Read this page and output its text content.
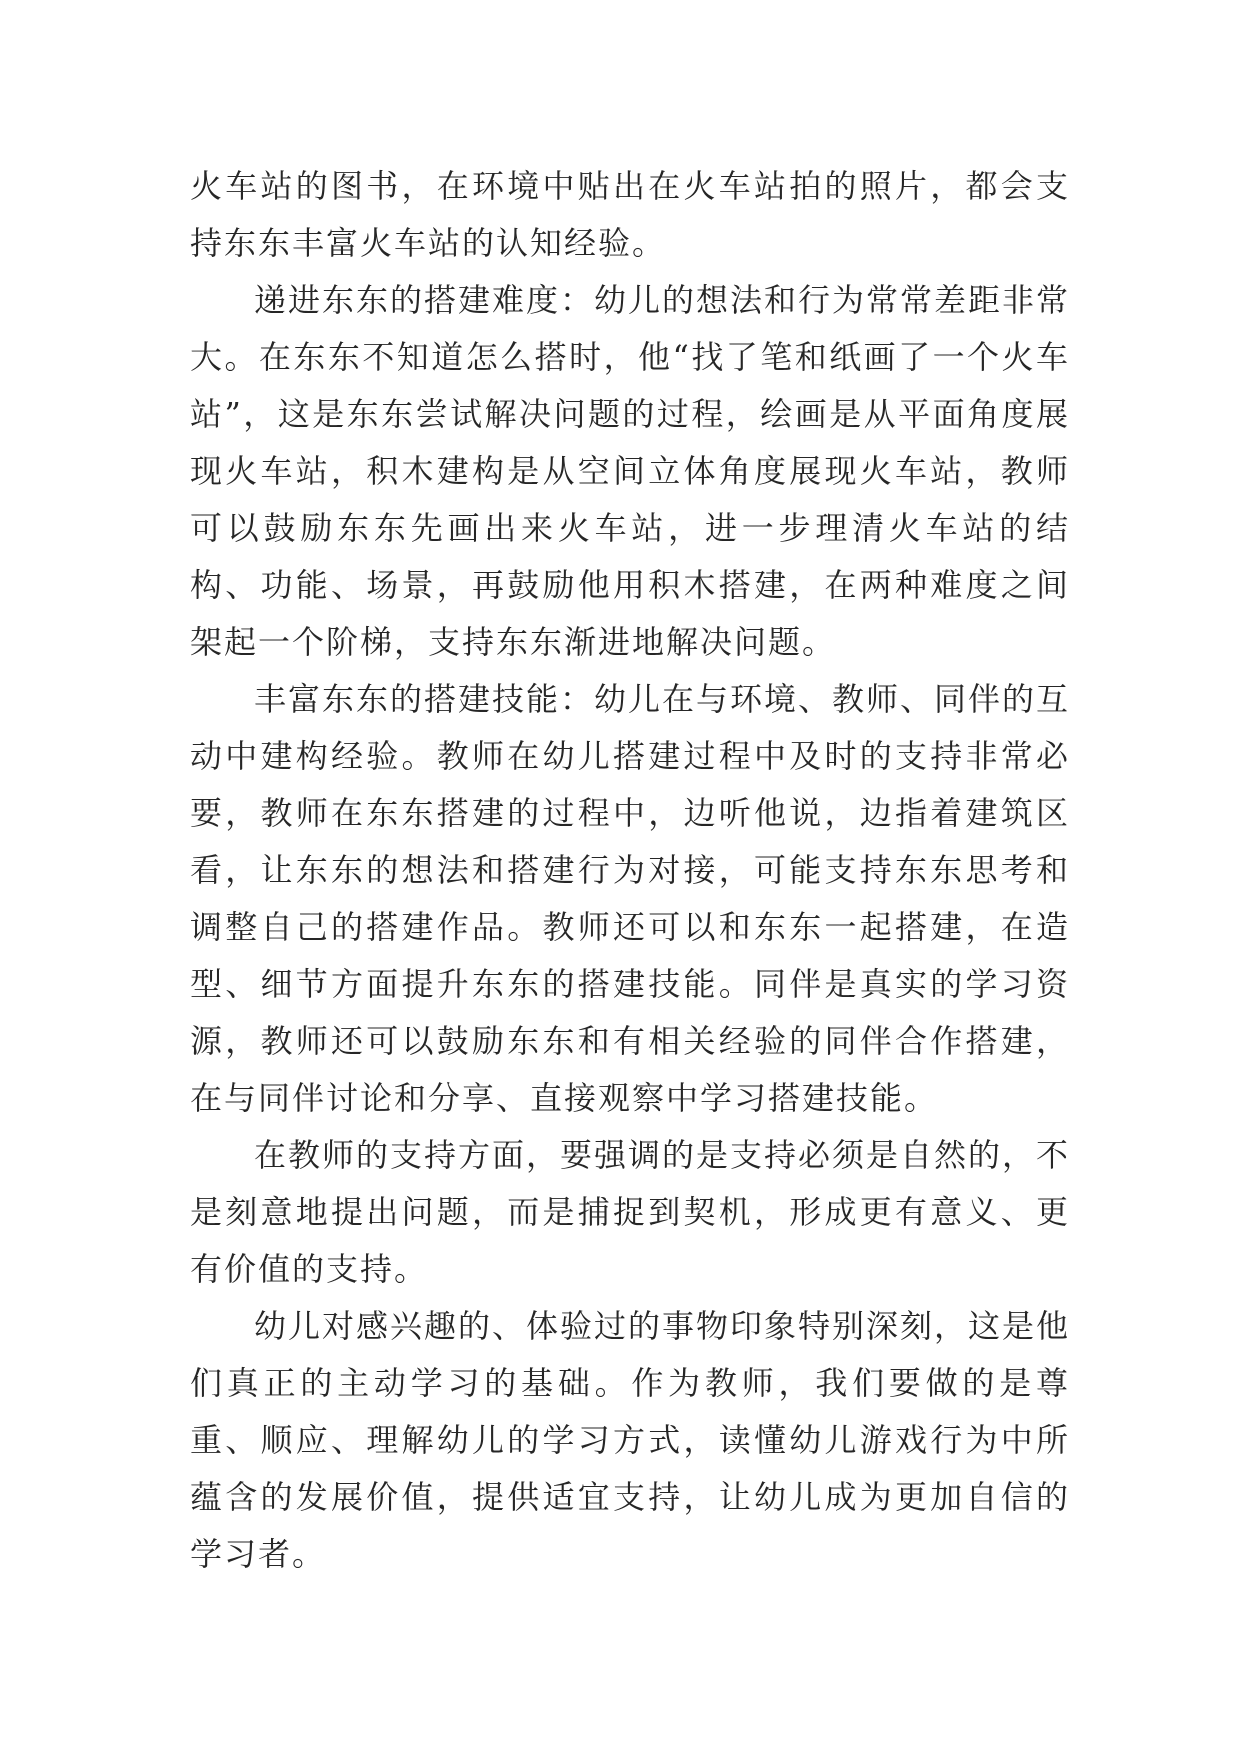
火车站的图书，在环境中贴出在火车站拍的照片，都会支持东东丰富火车站的认知经验。

递进东东的搭建难度：幼儿的想法和行为常常差距非常大。在东东不知道怎么搭时，他“找了笔和纸画了一个火车站”，这是东东尝试解决问题的过程，绘画是从平面角度展现火车站，积木建构是从空间立体角度展现火车站，教师可以鼓励东东先画出来火车站，进一步理清火车站的结构、功能、场景，再鼓励他用积木搭建，在两种难度之间架起一个阶梯，支持东东渐进地解决问题。

丰富东东的搭建技能：幼儿在与环境、教师、同伴的互动中建构经验。教师在幼儿搭建过程中及时的支持非常必要，教师在东东搭建的过程中，边听他说，边指着建筑区看，让东东的想法和搭建行为对接，可能支持东东思考和调整自己的搭建作品。教师还可以和东东一起搭建，在造型、细节方面提升东东的搭建技能。同伴是真实的学习资源，教师还可以鼓励东东和有相关经验的同伴合作搭建，在与同伴讨论和分享、直接观察中学习搭建技能。

在教师的支持方面，要强调的是支持必须是自然的，不是刻意地提出问题，而是捕捉到契机，形成更有意义、更有价值的支持。

幼儿对感兴趣的、体验过的事物印象特别深刻，这是他们真正的主动学习的基础。作为教师，我们要做的是尊重、顺应、理解幼儿的学习方式，读懂幼儿游戏行为中所蕴含的发展价值，提供适宜支持，让幼儿成为更加自信的学习者。
